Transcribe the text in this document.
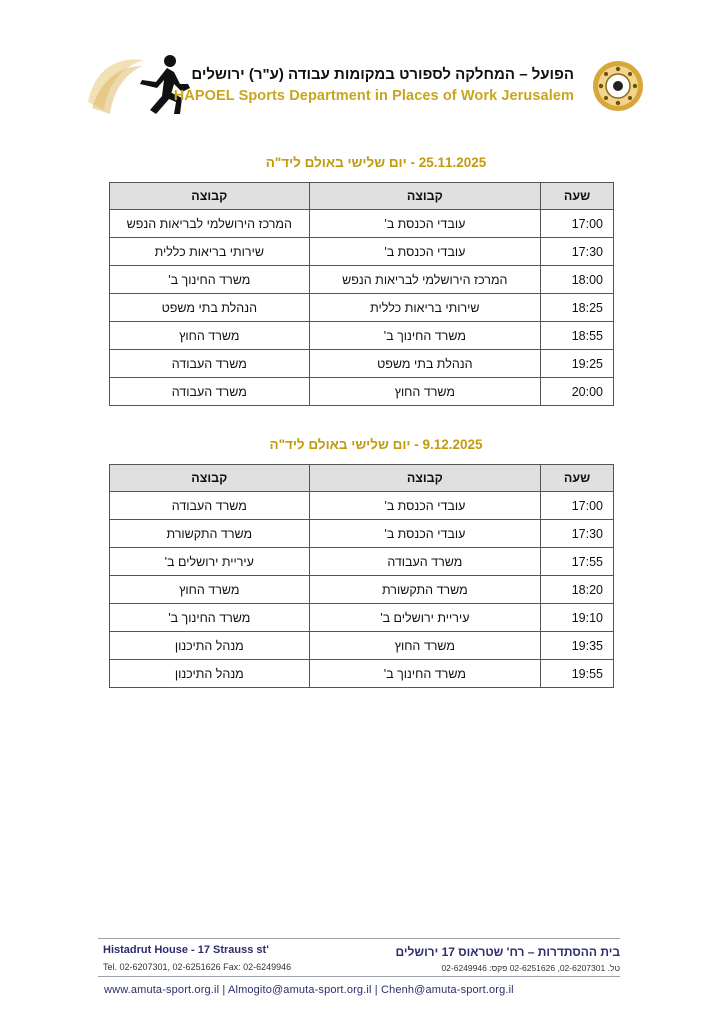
הפועל – המחלקה לספורט במקומות עבודה (ע"ר) ירושלים
HAPOEL Sports Department in Places of Work Jerusalem
25.11.2025 - יום שלישי באולם ליד"ה
שעה	קבוצה	קבוצה
17:00	עובדי הכנסת ב'	המרכז הירושלמי לבריאות הנפש
17:30	עובדי הכנסת ב'	שירותי בריאות כללית
18:00	המרכז הירושלמי לבריאות הנפש	משרד החינוך ב'
18:25	שירותי בריאות כללית	הנהלת בתי משפט
18:55	משרד החינוך ב'	משרד החוץ
19:25	הנהלת בתי משפט	משרד העבודה
20:00	משרד החוץ	משרד העבודה
9.12.2025 - יום שלישי באולם ליד"ה
שעה	קבוצה	קבוצה
17:00	עובדי הכנסת ב'	משרד העבודה
17:30	עובדי הכנסת ב'	משרד התקשורת
17:55	משרד העבודה	עיריית ירושלים ב'
18:20	משרד התקשורת	משרד החוץ
19:10	עיריית ירושלים ב'	משרד החינוך ב'
19:35	משרד החוץ	מנהל התיכנון
19:55	משרד החינוך ב'	מנהל התיכנון
Histadrut House - 17 Strauss st'
Tel. 02-6207301, 02-6251626 Fax: 02-6249946
בית ההסתדרות – רח' שטראוס 17 ירושלים
טל. 02-6207301, 02-6251626 פקס: 02-6249946
www.amuta-sport.org.il | Almogito@amuta-sport.org.il | Chenh@amuta-sport.org.il
